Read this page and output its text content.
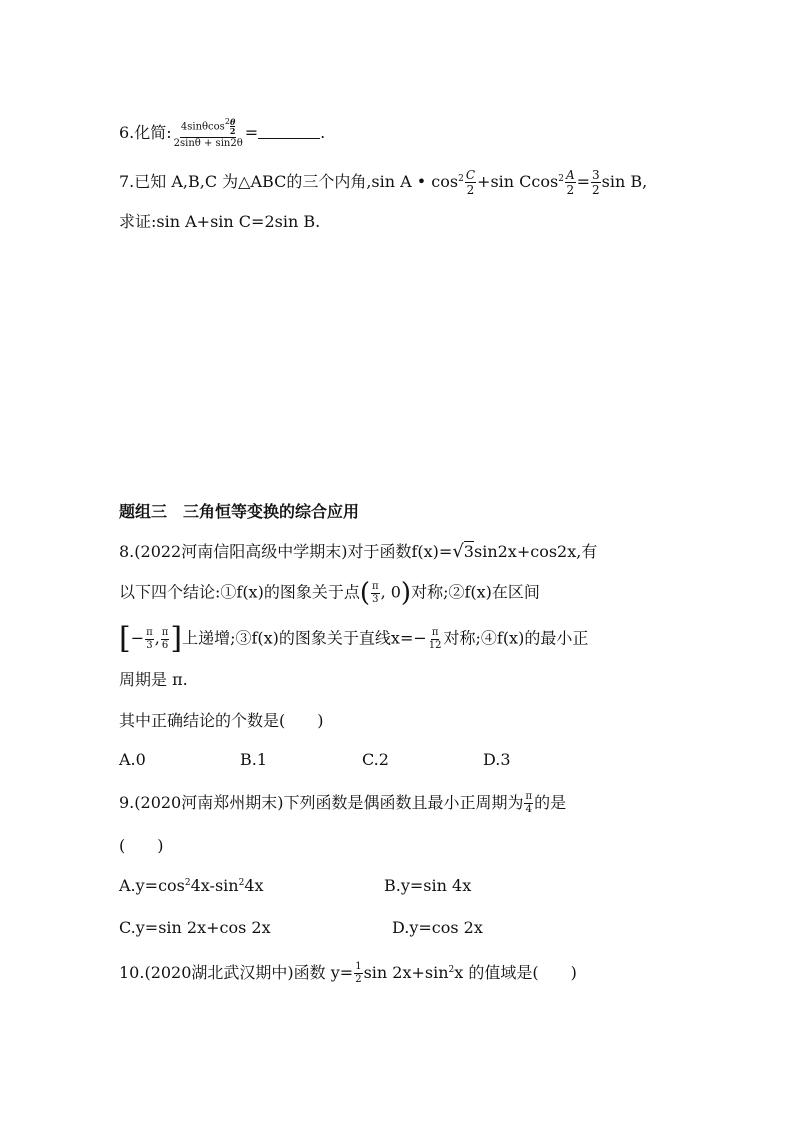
6.化简: 4sinθcos 2 θ
2
2sinθ + sin2θ =	.
7.已知 A,B,C 为△ABC的三个内角,sin A • $\cos^2 \frac{C}{2} +\sin$ $Ccos^2 \frac{A}{2} = \frac{3}{2}$ sin B,
求证:sin A+sin C=2sin B.
题组三　三角恒等变换的综合应用
8.(2022河南信阳高级中学期末)对于函数f(x)=√3sin2x+cos2x,有
以下四个结论:①f(x)的图象关于点( $\frac{\pi}{3}$ , 0)对称;②f(x)在区间
[− $\frac{\pi}{3}$ , $\frac{\pi}{6}$ ]上递增;③f(x)的图象关于直线$x=- \frac{\pi}{12}$ 对称;④f(x)的最小正
周期是 π.
其中正确结论的个数是(　　)
A.0	B.1	C.2	D.3
9.(2020河南郑州期末)下列函数是偶函数且最小正周期为 $\frac{\pi}{4}$ 的是
(　　)
$A.y=\cos^24x-\sin^24x$	B.y=sin 4x
C.y=sin 2x+cos 2x	D.y=cos 2x
10.(2020湖北武汉期中)函数 $y= \frac{1}{2}$ $\sin 2x+\sin^2x$ 的值域是(　　)
